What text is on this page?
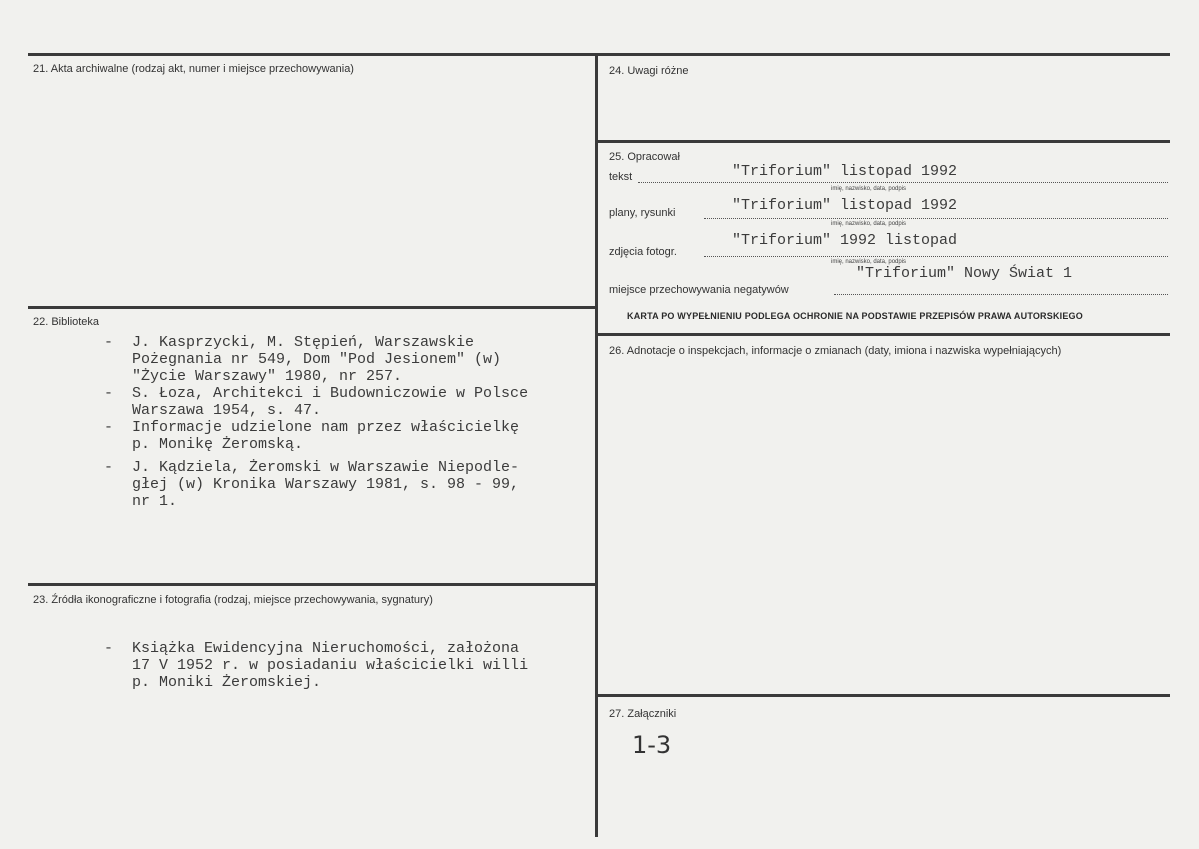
21. Akta archiwalne (rodzaj akt, numer i miejsce przechowywania)
22. Biblioteka
- J. Kasprzycki, M. Stępień, Warszawskie
Pożegnania nr 549, Dom "Pod Jesionem" (w)
"Życie Warszawy" 1980, nr 257.
- S. Łoza, Architekci i Budowniczowie w Polsce
Warszawa 1954, s. 47.
- Informacje udzielone nam przez właścicielkę
p. Monikę Żeromską.
- J. Kądziela, Żeromski w Warszawie Niepodle-
głej (w) Kronika Warszawy 1981, s. 98 - 99,
nr 1.
23. Źródła ikonograficzne i fotografia (rodzaj, miejsce przechowywania, sygnatury)
- Książka Ewidencyjna Nieruchomości, założona
17 V 1952 r. w posiadaniu właścicielki willi
p. Moniki Żeromskiej.
24. Uwagi różne
25. Opracował
tekst	"Triforium" listopad 1992
imię, nazwisko, data, podpis
plany, rysunki	"Triforium" listopad 1992
imię, nazwisko, data, podpis
zdjęcia fotogr.
"Triforium" 1992 listopad
imię, nazwisko, data, podpis
miejsce przechowywania negatywów
"Triforium" Nowy Świat 1
KARTA PO WYPEŁNIENIU PODLEGA OCHRONIE NA PODSTAWIE PRZEPISÓW PRAWA AUTORSKIEGO
26. Adnotacje o inspekcjach, informacje o zmianach (daty, imiona i nazwiska wypełniających)
27. Załączniki
1-3
